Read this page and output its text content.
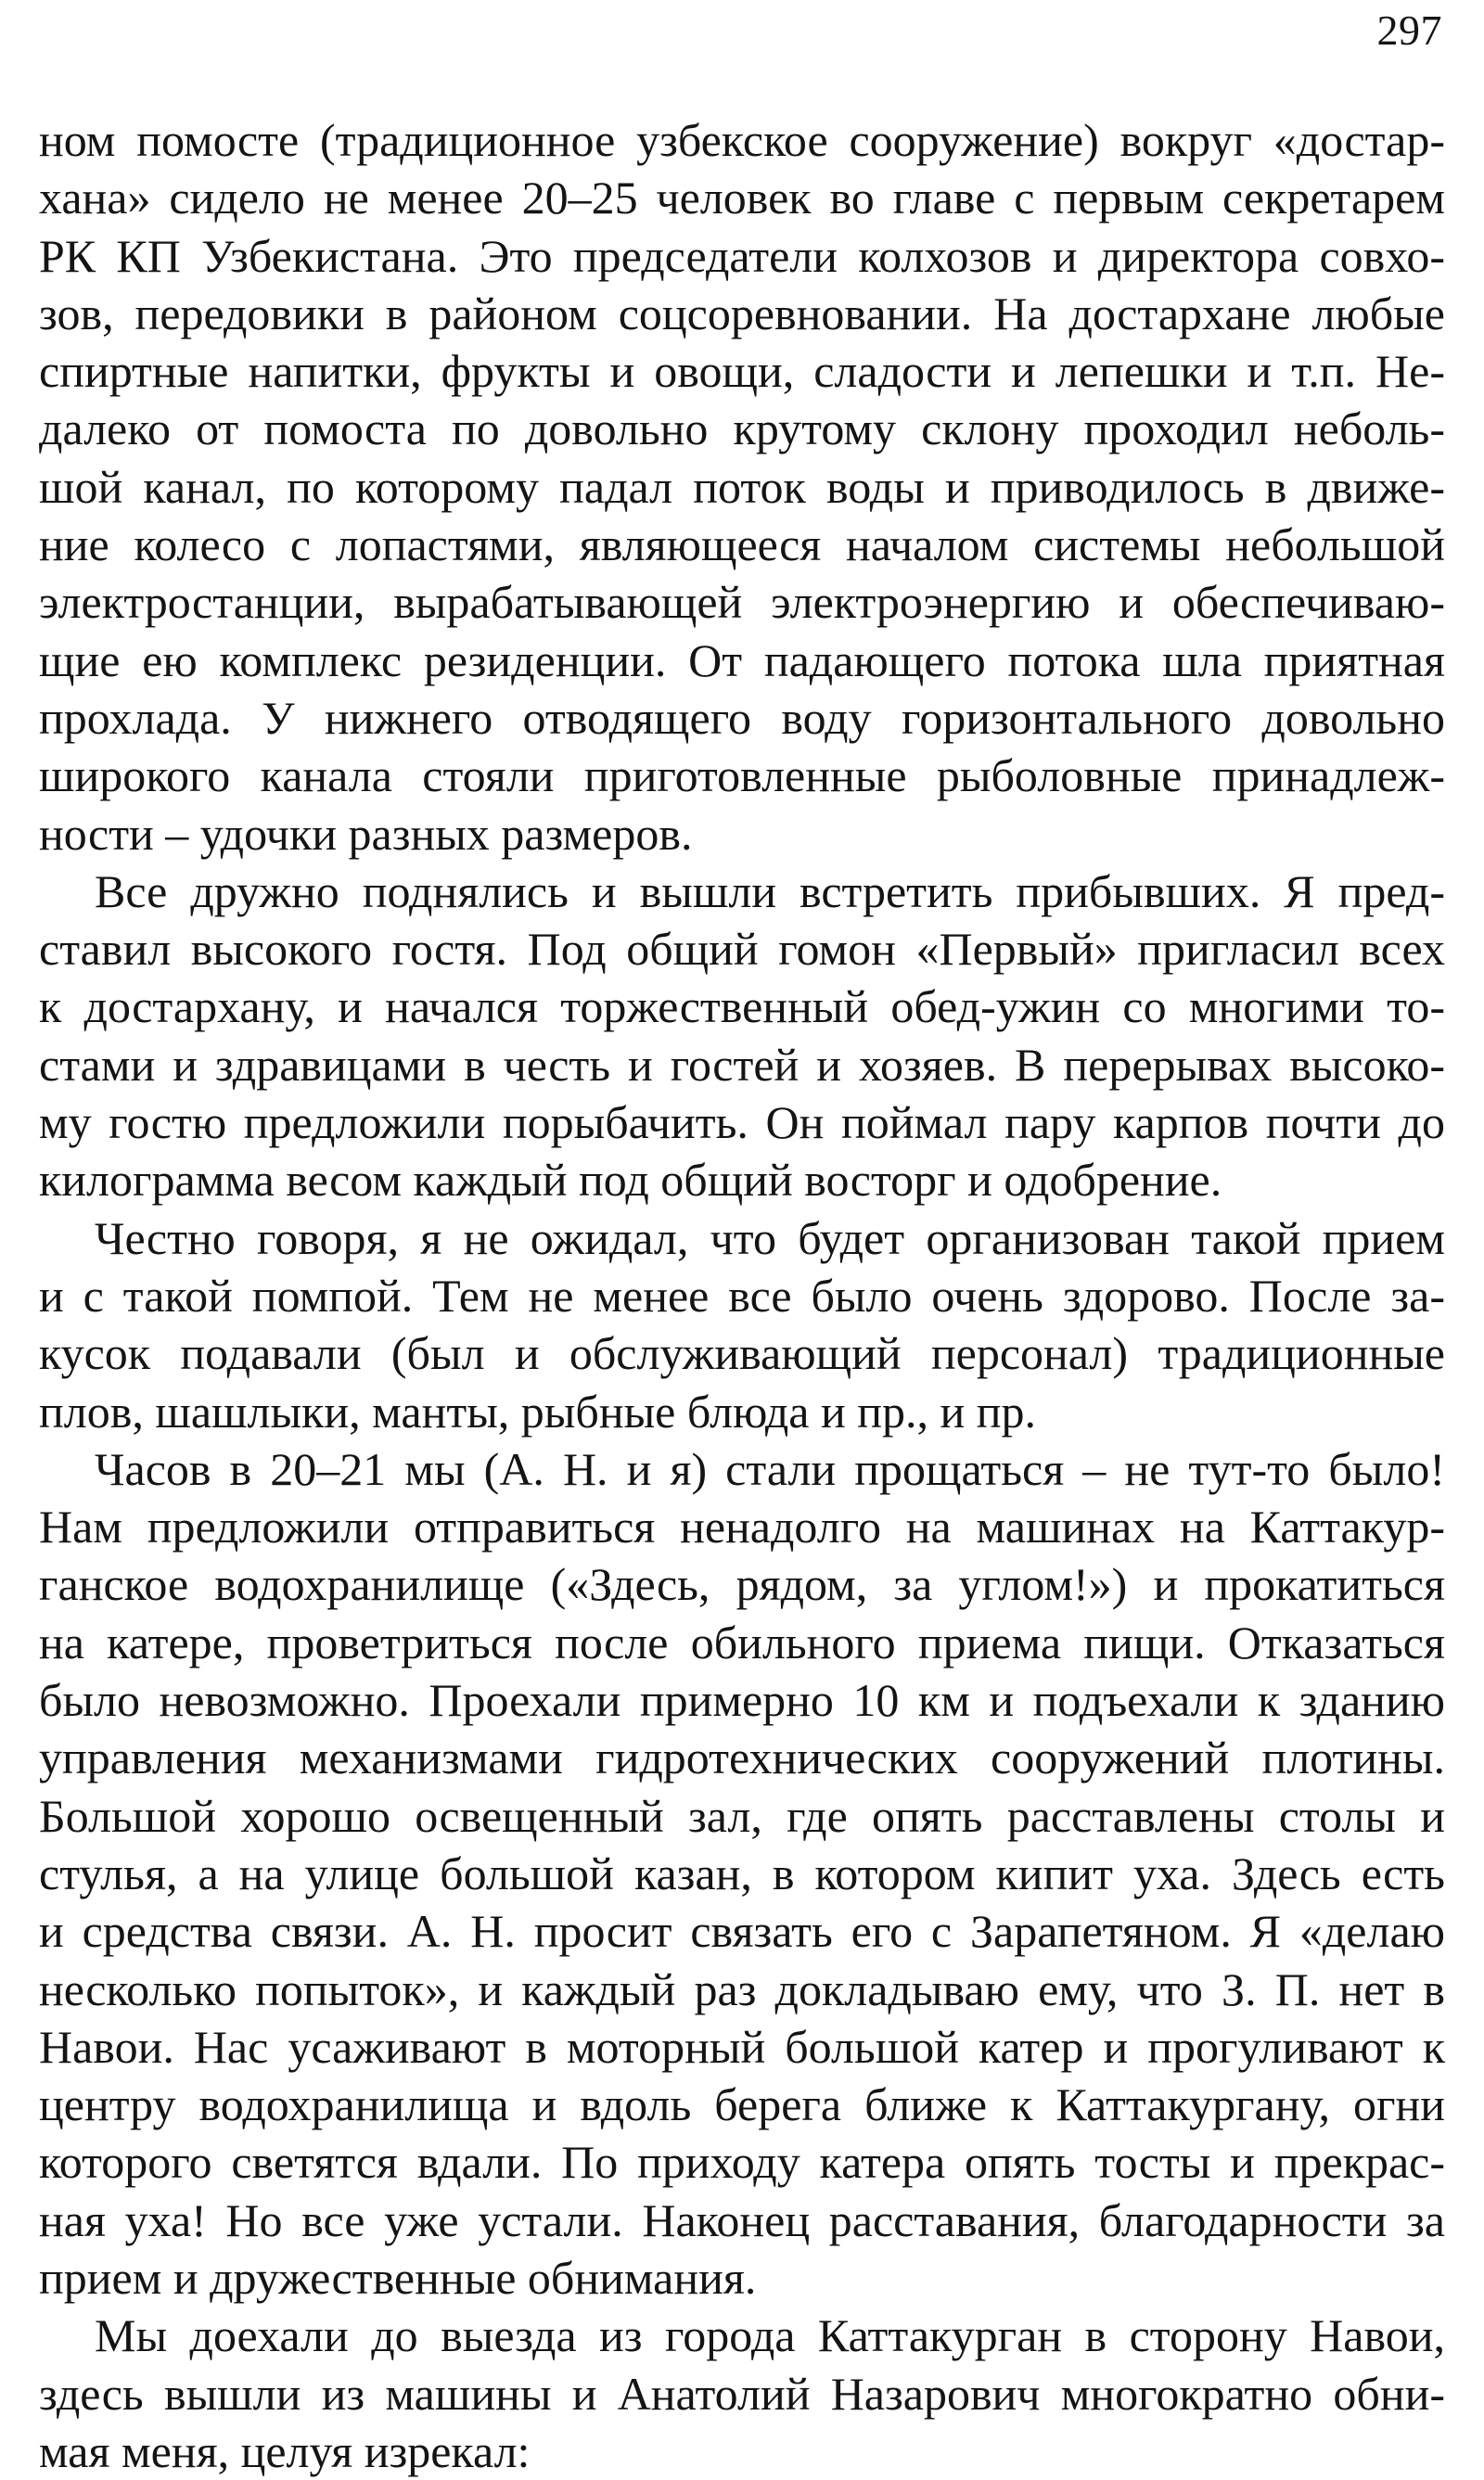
297

ном помосте (традиционное узбекское сооружение) вокруг «достар-
хана» сидело не менее 20–25 человек во главе с первым секретарем
РК КП Узбекистана. Это председатели колхозов и директора совхо-
зов, передовики в районом соцсоревновании. На достархане любые
спиртные напитки, фрукты и овощи, сладости и лепешки и т.п. Не-
далеко от помоста по довольно крутому склону проходил неболь-
шой канал, по которому падал поток воды и приводилось в движе-
ние колесо с лопастями, являющееся началом системы небольшой
электростанции, вырабатывающей электроэнергию и обеспечиваю-
щие ею комплекс резиденции. От падающего потока шла приятная
прохлада. У нижнего отводящего воду горизонтального довольно
широкого канала стояли приготовленные рыболовные принадлеж-
ности – удочки разных размеров.

Все дружно поднялись и вышли встретить прибывших. Я пред-
ставил высокого гостя. Под общий гомон «Первый» пригласил всех
к достархану, и начался торжественный обед-ужин со многими то-
стами и здравицами в честь и гостей и хозяев. В перерывах высоко-
му гостю предложили порыбачить. Он поймал пару карпов почти до
килограмма весом каждый под общий восторг и одобрение.

Честно говоря, я не ожидал, что будет организован такой прием
и с такой помпой. Тем не менее все было очень здорово. После за-
кусок подавали (был и обслуживающий персонал) традиционные
плов, шашлыки, манты, рыбные блюда и пр., и пр.

Часов в 20–21 мы (А. Н. и я) стали прощаться – не тут-то было!
Нам предложили отправиться ненадолго на машинах на Каттакур-
ганское водохранилище («Здесь, рядом, за углом!») и прокатиться
на катере, проветриться после обильного приема пищи. Отказаться
было невозможно. Проехали примерно 10 км и подъехали к зданию
управления механизмами гидротехнических сооружений плотины.
Большой хорошо освещенный зал, где опять расставлены столы и
стулья, а на улице большой казан, в котором кипит уха. Здесь есть
и средства связи. А. Н. просит связать его с Зарапетяном. Я «делаю
несколько попыток», и каждый раз докладываю ему, что З. П. нет в
Навои. Нас усаживают в моторный большой катер и прогуливают к
центру водохранилища и вдоль берега ближе к Каттакургану, огни
которого светятся вдали. По приходу катера опять тосты и прекрас-
ная уха! Но все уже устали. Наконец расставания, благодарности за
прием и дружественные обнимания.

Мы доехали до выезда из города Каттакурган в сторону Навои,
здесь вышли из машины и Анатолий Назарович многократно обни-
мая меня, целуя изрекал:
